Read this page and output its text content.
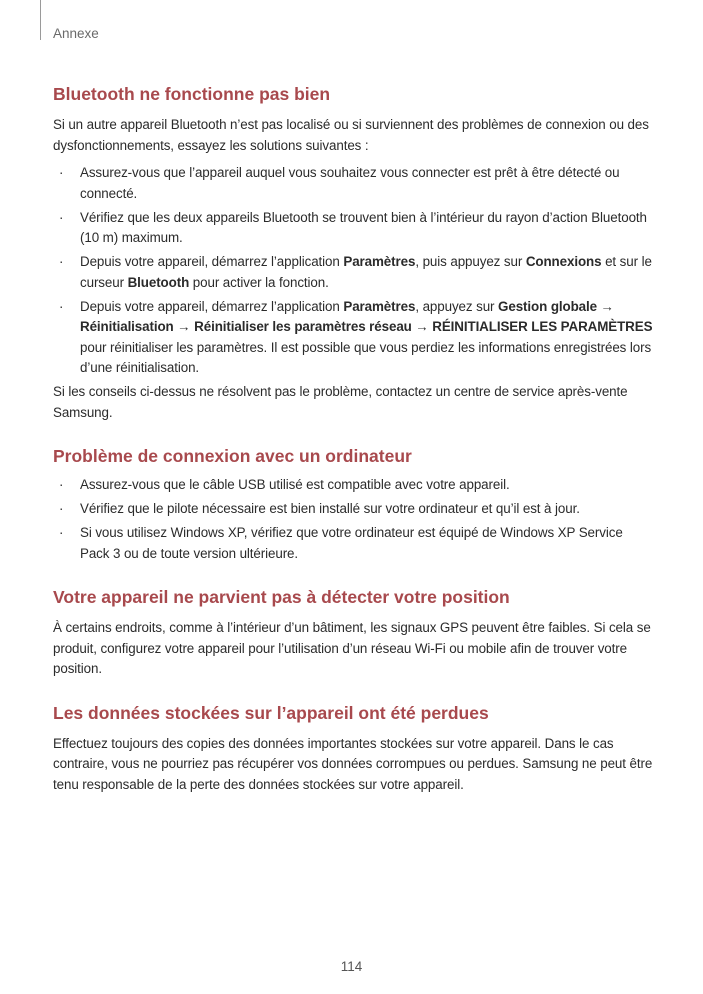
Annexe
Bluetooth ne fonctionne pas bien

Si un autre appareil Bluetooth n’est pas localisé ou si surviennent des problèmes de connexion ou des dysfonctionnements, essayez les solutions suivantes :

· Assurez-vous que l’appareil auquel vous souhaitez vous connecter est prêt à être détecté ou connecté.
· Vérifiez que les deux appareils Bluetooth se trouvent bien à l’intérieur du rayon d’action Bluetooth (10 m) maximum.
· Depuis votre appareil, démarrez l’application Paramètres, puis appuyez sur Connexions et sur le curseur Bluetooth pour activer la fonction.
· Depuis votre appareil, démarrez l’application Paramètres, appuyez sur Gestion globale → Réinitialisation → Réinitialiser les paramètres réseau → RÉINITIALISER LES PARAMÈTRES pour réinitialiser les paramètres. Il est possible que vous perdiez les informations enregistrées lors d’une réinitialisation.

Si les conseils ci-dessus ne résolvent pas le problème, contactez un centre de service après-vente Samsung.

Problème de connexion avec un ordinateur
· Assurez-vous que le câble USB utilisé est compatible avec votre appareil.
· Vérifiez que le pilote nécessaire est bien installé sur votre ordinateur et qu’il est à jour.
· Si vous utilisez Windows XP, vérifiez que votre ordinateur est équipé de Windows XP Service Pack 3 ou de toute version ultérieure.
Votre appareil ne parvient pas à détecter votre position

À certains endroits, comme à l’intérieur d’un bâtiment, les signaux GPS peuvent être faibles. Si cela se produit, configurez votre appareil pour l’utilisation d’un réseau Wi-Fi ou mobile afin de trouver votre position.

Les données stockées sur l’appareil ont été perdues

Effectuez toujours des copies des données importantes stockées sur votre appareil. Dans le cas contraire, vous ne pourriez pas récupérer vos données corrompues ou perdues. Samsung ne peut être tenu responsable de la perte des données stockées sur votre appareil.

114
